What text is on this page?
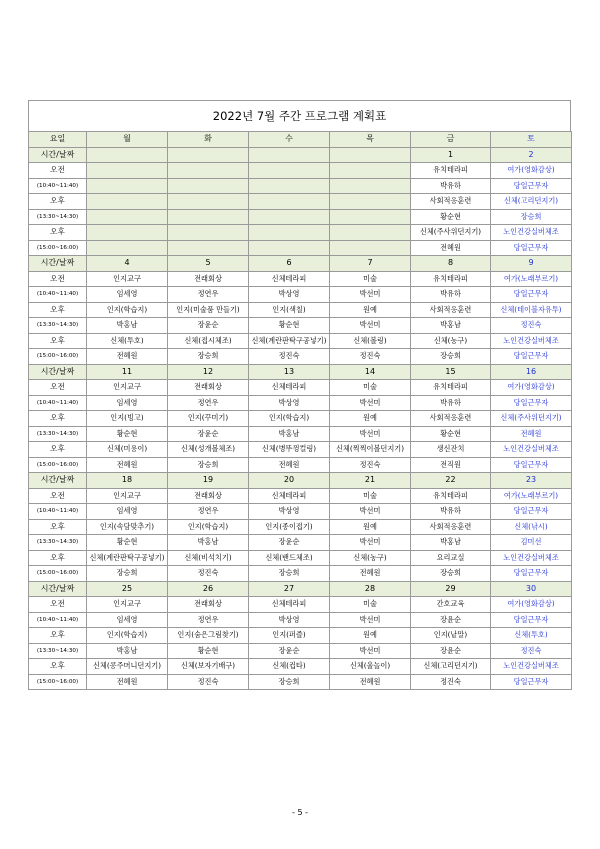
2022년 7월 주간 프로그램 계획표
요일	월	화	수	목	금	토
시간/날짜					1	2
오전					유치테라피	여가(영화감상)
(10:40~11:40)					박유하	당일근무자
오후					사회적응훈련	신체(고리던지기)
(13:30~14:30)					황순현	장승희
오후					신체(주사위던지기)	노인건강실버체조
(15:00~16:00)					전혜원	당일근무자
시간/날짜	4	5	6	7	8	9
오전	인지교구	전래회상	신체테라피	미술	유치테라피	여가(노래부르기)
(10:40~11:40)	임세영	정연우	박상영	박선미	박유하	당일근무자
오후	인지(학습지)	인지(미술품 만들기)	인지(색칠)	원예	사회적응훈련	신체(테이블자유투)
(13:30~14:30)	박홍남	장윤순	황순현	박선미	박홍남	정진숙
오후	신체(투호)	신체(접시체조)	신체(계란판탁구공넣기)	신체(볼링)	신체(농구)	노인건강실버체조
(15:00~16:00)	전혜원	장승희	정진숙	정진숙	장승희	당일근무자
시간/날짜	11	12	13	14	15	16
오전	인지교구	전래회상	신체테라피	미술	유치테라피	여가(영화감상)
(10:40~11:40)	임세영	정연우	박상영	박선미	박유하	당일근무자
오후	인지(빙고)	인지(꾸미기)	인지(학습지)	원예	사회적응훈련	신체(주사위던지기)
(13:30~14:30)	황순현	장윤순	박홍남	박선미	황순현	전혜원
오후	신체(미용이)	신체(성개볼체조)	신체(병뚜껑컬링)	신체(찍찍이볼던지기)	생신잔치	노인건강실버체조
(15:00~16:00)	전혜원	장승희	전혜원	정진숙	전직원	당일근무자
시간/날짜	18	19	20	21	22	23
오전	인지교구	전래회상	신체테라피	미술	유치테라피	여가(노래부르기)
(10:40~11:40)	임세영	정연우	박상영	박선미	박유하	당일근무자
오후	인지(속담맞추기)	인지(학습지)	인지(종이접기)	원예	사회적응훈련	신체(낚시)
(13:30~14:30)	황순현	박홍남	장윤순	박선미	박홍남	김미선
오후	신체(계란판탁구공넣기)	신체(비석치기)	신체(밴드체조)	신체(농구)	요리교실	노인건강실버체조
(15:00~16:00)	장승희	정진숙	장승희	전혜원	장승희	당일근무자
시간/날짜	25	26	27	28	29	30
오전	인지교구	전래회상	신체테라피	미술	간호교육	여가(영화감상)
(10:40~11:40)	임세영	정연우	박상영	박선미	장윤순	당일근무자
오후	인지(학습지)	인지(숨은그림찾기)	인지(퍼즐)	원예	인지(낱말)	신체(투호)
(13:30~14:30)	박홍남	황순현	장윤순	박선미	장윤순	정진숙
오후	신체(콩주머니던지기)	신체(보자기배구)	신체(컵타)	신체(울놀이)	신체(고리던지기)	노인건강실버체조
(15:00~16:00)	전혜원	정진숙	장승희	전혜원	정진숙	당일근무자
- 5 -
